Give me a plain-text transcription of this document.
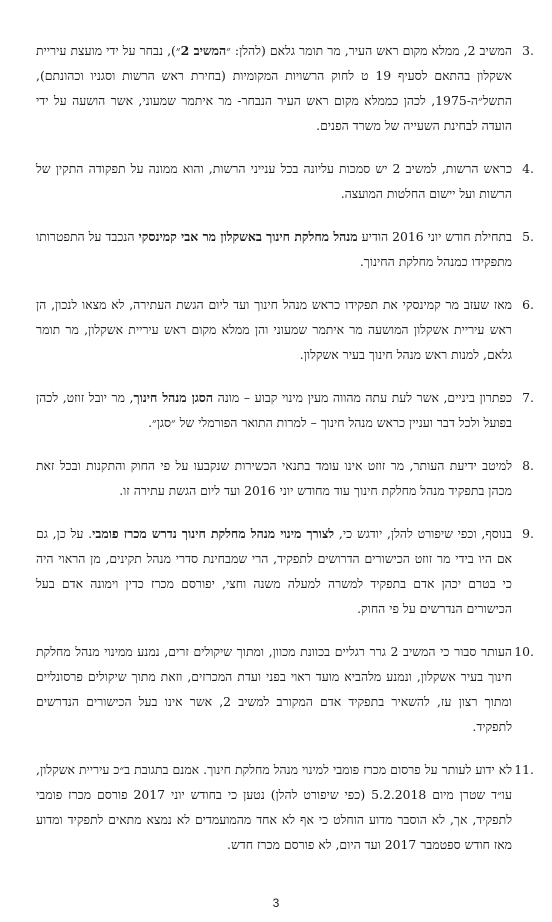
3.
המשיב 2, ממלא מקום ראש העיר, מר תומר גלאם (להלן: ״המשיב 2״), נבחר על ידי מועצת עיריית אשקלון בהתאם לסעיף 19 ט לחוק הרשויות המקומיות (בחירת ראש הרשות וסגניו וכהונתם), התשל״ה-1975, לכהן כממלא מקום ראש העיר הנבחר- מר איתמר שמעוני, אשר הושעה על ידי הועדה לבחינת השעייה של משרד הפנים.
4.
כראש הרשות, למשיב 2 יש סמכות עליונה בכל ענייני הרשות, והוא ממונה על תפקודה התקין של הרשות ועל יישום החלטות המועצה.
5.
בתחילת חודש יוני 2016 הודיע מנהל מחלקת חינוך באשקלון מר אבי קמינסקי הנכבד על התפטרותו מתפקידו כמנהל מחלקת החינוך.
6.
מאז שעזב מר קמינסקי את תפקידו כראש מנהל חינוך ועד ליום הגשת העתירה, לא מצאו לנכון, הן ראש עיריית אשקלון המושעה מר איתמר שמעוני והן ממלא מקום ראש עיריית אשקלון, מר תומר גלאם, למנות ראש מנהל חינוך בעיר אשקלון.
7.
כפתרון ביניים, אשר לעת עתה מהווה מעין מינוי קבוע – מונה הסגן מנהל חינוך, מר יובל זוזט, לכהן בפועל ולכל דבר ועניין כראש מנהל חינוך – למרות התואר הפורמלי של ״סגן״.
8.
למיטב ידיעת העותר, מר זוזט אינו עומד בתנאי הכשירות שנקבעו על פי החוק והתקנות ובכל זאת מכהן בתפקיד מנהל מחלקת חינוך עוד מחודש יוני 2016 ועד ליום הגשת עתירה זו.
9.
בנוסף, וכפי שיפורט להלן, יודגש כי, לצורך מינוי מנהל מחלקת חינוך נדרש מכרז פומבי. על כן, גם אם היו בידי מר זוזט הכישורים הדרושים לתפקיד, הרי שמבחינת סדרי מנהל תקינים, מן הראוי היה כי בטרם יכהן אדם בתפקיד למשרה למעלה משנה וחצי, יפורסם מכרז כדין וימונה אדם בעל הכישורים הנדרשים על פי החוק.
10.
העותר סבור כי המשיב 2 גרר רגליים בכוונת מכוון, ומתוך שיקולים זרים, נמנע ממינוי מנהל מחלקת חינוך בעיר אשקלון, ונמנע מלהביא מועד ראוי בפני ועדת המכרזים, וזאת מתוך שיקולים פרסונליים ומתוך רצון עז, להשאיר בתפקיד אדם המקורב למשיב 2, אשר אינו בעל הכישורים הנדרשים לתפקיד.
11.
לא ידוע לעותר על פרסום מכרז פומבי למינוי מנהל מחלקת חינוך. אמנם בתגובת ב״כ עיריית אשקלון, עו״ד שטרן מיום 5.2.2018 (כפי שיפורט להלן) נטען כי בחודש יוני 2017 פורסם מכרז פומבי לתפקיד, אך, לא הוסבר מדוע הוחלט כי אף לא אחד מהמועמדים לא נמצא מתאים לתפקיד ומדוע מאז חודש ספטמבר 2017 ועד היום, לא פורסם מכרז חדש.
3
